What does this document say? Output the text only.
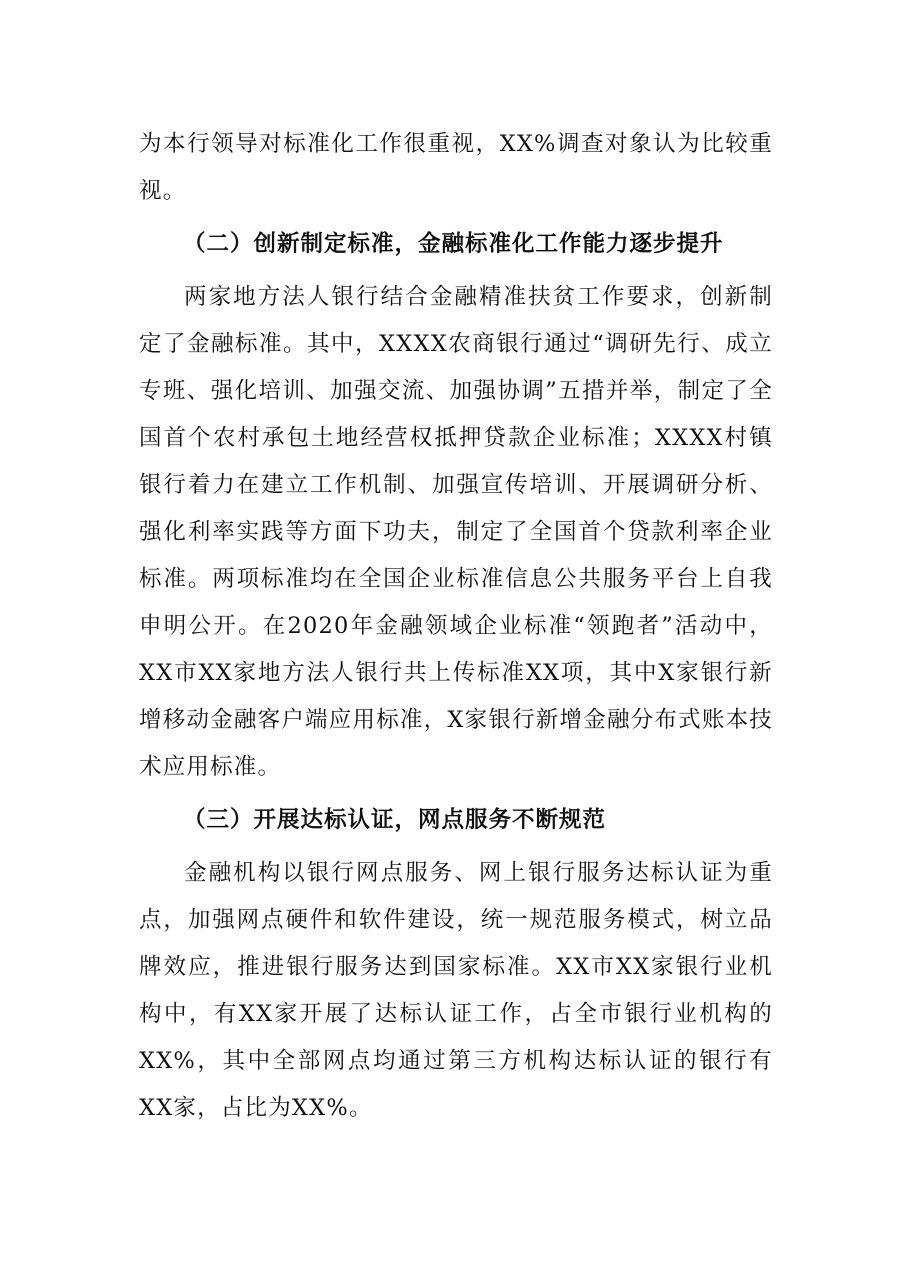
为本行领导对标准化工作很重视，XX%调查对象认为比较重视。

（二）创新制定标准，金融标准化工作能力逐步提升

两家地方法人银行结合金融精准扶贫工作要求，创新制定了金融标准。其中，XXXX农商银行通过“调研先行、成立专班、强化培训、加强交流、加强协调”五措并举，制定了全国首个农村承包土地经营权抵押贷款企业标准；XXXX村镇银行着力在建立工作机制、加强宣传培训、开展调研分析、强化利率实践等方面下功夫，制定了全国首个贷款利率企业标准。两项标准均在全国企业标准信息公共服务平台上自我申明公开。在2020年金融领域企业标准“领跑者”活动中，XX市XX家地方法人银行共上传标准XX项，其中X家银行新增移动金融客户端应用标准，X家银行新增金融分布式账本技术应用标准。

（三）开展达标认证，网点服务不断规范

金融机构以银行网点服务、网上银行服务达标认证为重点，加强网点硬件和软件建设，统一规范服务模式，树立品牌效应，推进银行服务达到国家标准。XX市XX家银行业机构中，有XX家开展了达标认证工作，占全市银行业机构的XX%，其中全部网点均通过第三方机构达标认证的银行有XX家，占比为XX%。
